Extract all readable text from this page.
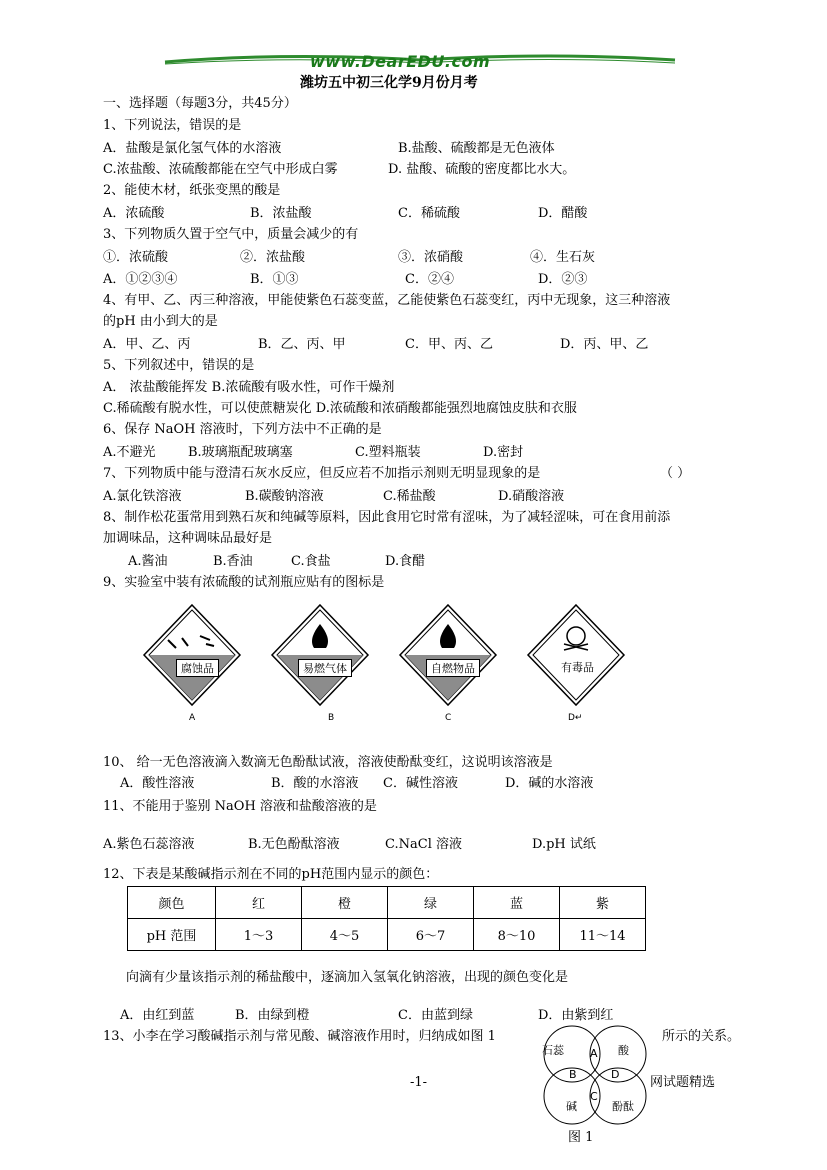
www.DearEDU.com
潍坊五中初三化学9月份月考
一、选择题（每题3分，共45分）
1、下列说法，错误的是
A．盐酸是氯化氢气体的水溶液	B.盐酸、硫酸都是无色液体
C.浓盐酸、浓硫酸都能在空气中形成白雾	D. 盐酸、硫酸的密度都比水大。
2、能使木材，纸张变黑的酸是
A．浓硫酸	B．浓盐酸	C．稀硫酸	D．醋酸
3、下列物质久置于空气中，质量会减少的有
①．浓硫酸	②．浓盐酸	③．浓硝酸	④．生石灰
A．①②③④	B．①③	C．②④	D．②③
4、有甲、乙、丙三种溶液，甲能使紫色石蕊变蓝，乙能使紫色石蕊变红，丙中无现象，这三种溶液
的pH 由小到大的是
A．甲、乙、丙	B．乙、丙、甲	C．甲、丙、乙	D．丙、甲、乙
5、下列叙述中，错误的是
A． 浓盐酸能挥发 B.浓硫酸有吸水性，可作干燥剂
C.稀硫酸有脱水性，可以使蔗糖炭化 D.浓硫酸和浓硝酸都能强烈地腐蚀皮肤和衣服
6、保存 NaOH 溶液时，下列方法中不正确的是
A.不避光 B.玻璃瓶配玻璃塞	C.塑料瓶装	D.密封
7、下列物质中能与澄清石灰水反应，但反应若不加指示剂则无明显现象的是	（ ）
A.氯化铁溶液	B.碳酸钠溶液	C.稀盐酸	D.硝酸溶液
8、制作松花蛋常用到熟石灰和纯碱等原料，因此食用它时常有涩味，为了减轻涩味，可在食用前添
加调味品，这种调味品最好是
A.酱油	B.香油	C.食盐	D.食醋
9、实验室中装有浓硫酸的试剂瓶应贴有的图标是
10、 给一无色溶液滴入数滴无色酚酞试液，溶液使酚酞变红，这说明该溶液是
A．酸性溶液	B．酸的水溶液 C．碱性溶液	D．碱的水溶液
11、不能用于鉴别 NaOH 溶液和盐酸溶液的是
A.紫色石蕊溶液	B.无色酚酞溶液	C.NaCl 溶液	D.pH 试纸
12、下表是某酸碱指示剂在不同的pH范围内显示的颜色：
向滴有少量该指示剂的稀盐酸中，逐滴加入氢氧化钠溶液，出现的颜色变化是
A．由红到蓝	B．由绿到橙	C．由蓝到绿	D．由紫到红
13、小李在学习酸碱指示剂与常见酸、碱溶液作用时，归纳成如图 1	所示的关系。
网试题精选
-1-
腐蚀品	易燃气体	自燃物品	有毒品
A	B	C	D↵
颜色	红	橙	绿	蓝	紫
pH 范围	1～3	4～5	6～7	8～10	11～14
石蕊	酸
碱	酚酞
A
B
C
D
图 1
